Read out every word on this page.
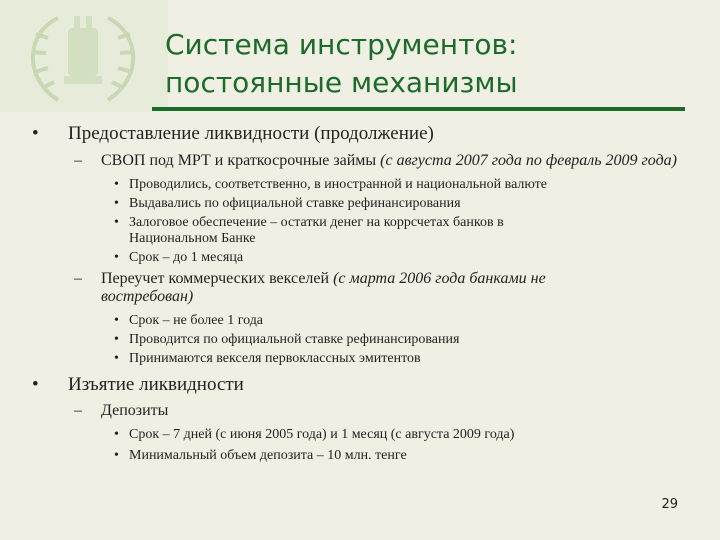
Система инструментов:
постоянные механизмы
• Предоставление ликвидности (продолжение)
– СВОП под МРТ и краткосрочные займы (с августа 2007 года по февраль 2009 года)
• Проводились, соответственно, в иностранной и национальной валюте
• Выдавались по официальной ставке рефинансирования
• Залоговое обеспечение – остатки денег на коррсчетах банков в Национальном Банке
• Срок – до 1 месяца
– Переучет коммерческих векселей (с марта 2006 года банками не востребован)
• Срок – не более 1 года
• Проводится по официальной ставке рефинансирования
• Принимаются векселя первоклассных эмитентов
• Изъятие ликвидности
– Депозиты
• Срок – 7 дней (с июня 2005 года) и 1 месяц (с августа 2009 года)
• Минимальный объем депозита – 10 млн. тенге
29
